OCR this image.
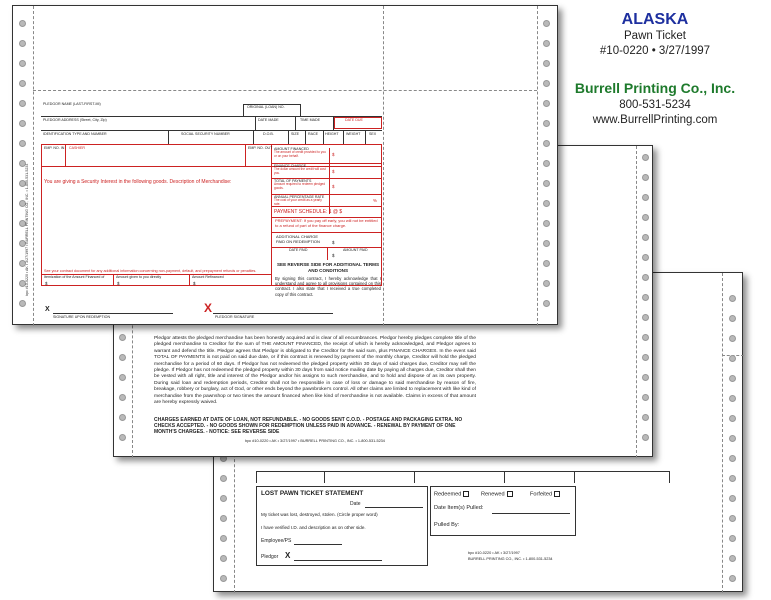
ALASKA
Pawn Ticket
#10-0220 • 3/27/1997
Burrell Printing Co., Inc.
800-531-5234
www.BurrellPrinting.com
LOST PAWN TICKET STATEMENT
Date
My ticket was lost, destroyed, stolen. (Circle proper word)
I have verified I.D. and description as on other side.
Employee/PS
Pledgor X
Redeemed	Renewed	Forfeited
Date Item(s) Pulled:
Pulled By:
bpc #10-0220 • AK • 3/27/1997
BURRELL PRINTING CO., INC. • 1-800-531-5234
Pledgor attests the pledged merchandise has been honestly acquired and is clear of all encumbrances. Pledgor hereby pledges complete title of the pledged merchandise to Creditor for the sum of THE AMOUNT FINANCED, the receipt of which is hereby acknowledged, and Pledgor agrees to warrant and defend the title. Pledgor agrees that Pledgor is obligated to the Creditor for the said sum, plus FINANCE CHARGES. In the event said TOTAL OF PAYMENTS is not paid on said due date, or if this contract is renewed by payment of the monthly charge, Creditor will hold the pledged merchandise for a period of 60 days. If Pledgor has not redeemed the pledged property within 30 days of said charges due, Creditor may sell the pledge. If Pledgor has not redeemed the pledged property within 30 days from said notice mailing date by paying all charges due, Creditor shall then be vested with all right, title and interest of the Pledgor and/or his assigns to such merchandise, and to hold and dispose of as its own property. During said loan and redemption periods, Creditor shall not be responsible in case of loss or damage to said merchandise by reason of fire, breakage, robbery or burglary, act of God, or other ends beyond the pawnbroker's control. All other claims are limited to replacement with like kind of merchandise from the pawnshop or two times the amount financed when like kind of merchandise is not available. Claims in excess of that amount are hereby expressly waived.
CHARGES EARNED AT DATE OF LOAN, NOT REFUNDABLE. - NO GOODS SENT C.O.D. - POSTAGE AND PACKAGING EXTRA. NO CHECKS ACCEPTED. - NO GOODS SHOWN FOR REDEMPTION UNLESS PAID IN ADVANCE. - RENEWAL BY PAYMENT OF ONE MONTH'S CHARGES. - NOTICE: SEE REVERSE SIDE
bpc #10-0220 • AK • 3/27/1997 • BURRELL PRINTING CO., INC. • 1-800-531-5234
bpc #10-0220 • AK • 3/27/1997 • BURRELL PRINTING CO., INC. • 1-800-531-5234
PLEDGOR NAME (LAST-FIRST-MI)
ORIGINAL (LOAN) NO.
PLEDGOR ADDRESS (Street, City, Zip)	DATE MADE	TIME MADE	DATE DUE
IDENTIFICATION TYPE AND NUMBER	SOCIAL SECURITY NUMBER	D.O.B.	SIZE	RACE HEIGHT WEIGHT SEX
EMP. NO. IN CASHIER	EMP. NO. OUT AMOUNT FINANCED
The amount of credit provided to you or on your behalf.	$
FINANCE CHARGE
The dollar amount the credit will cost you.	$
TOTAL OF PAYMENTS
Amount required to redeem pledged goods.	$
ANNUAL PERCENTAGE RATE
The cost of your credit as a yearly rate.
%
PAYMENT SCHEDULE: 1 @ $
PREPAYMENT: If you pay off early, you will not be entitled to a refund of part of the finance charge.
ADDITIONAL CHARGE PAID ON REDEMPTION	$
DATE PAID	AMOUNT PAID
$
You are giving a Security Interest in the following goods. Description of Merchandise:
See your contract document for any additional information concerning non-payment, default, and prepayment refunds or penalties.
Itemization of the Amount Financed of	Amount given to you directly	Amount Refinanced
$	$	$
SEE REVERSE SIDE FOR ADDITIONAL TERMS AND CONDITIONS
By signing this contract, I hereby acknowledge that I understand and agree to all provisions contained on this contract. I also state that I received a true completed copy of this contract.
X
SIGNATURE UPON REDEMPTION
X
PLEDGOR SIGNATURE
